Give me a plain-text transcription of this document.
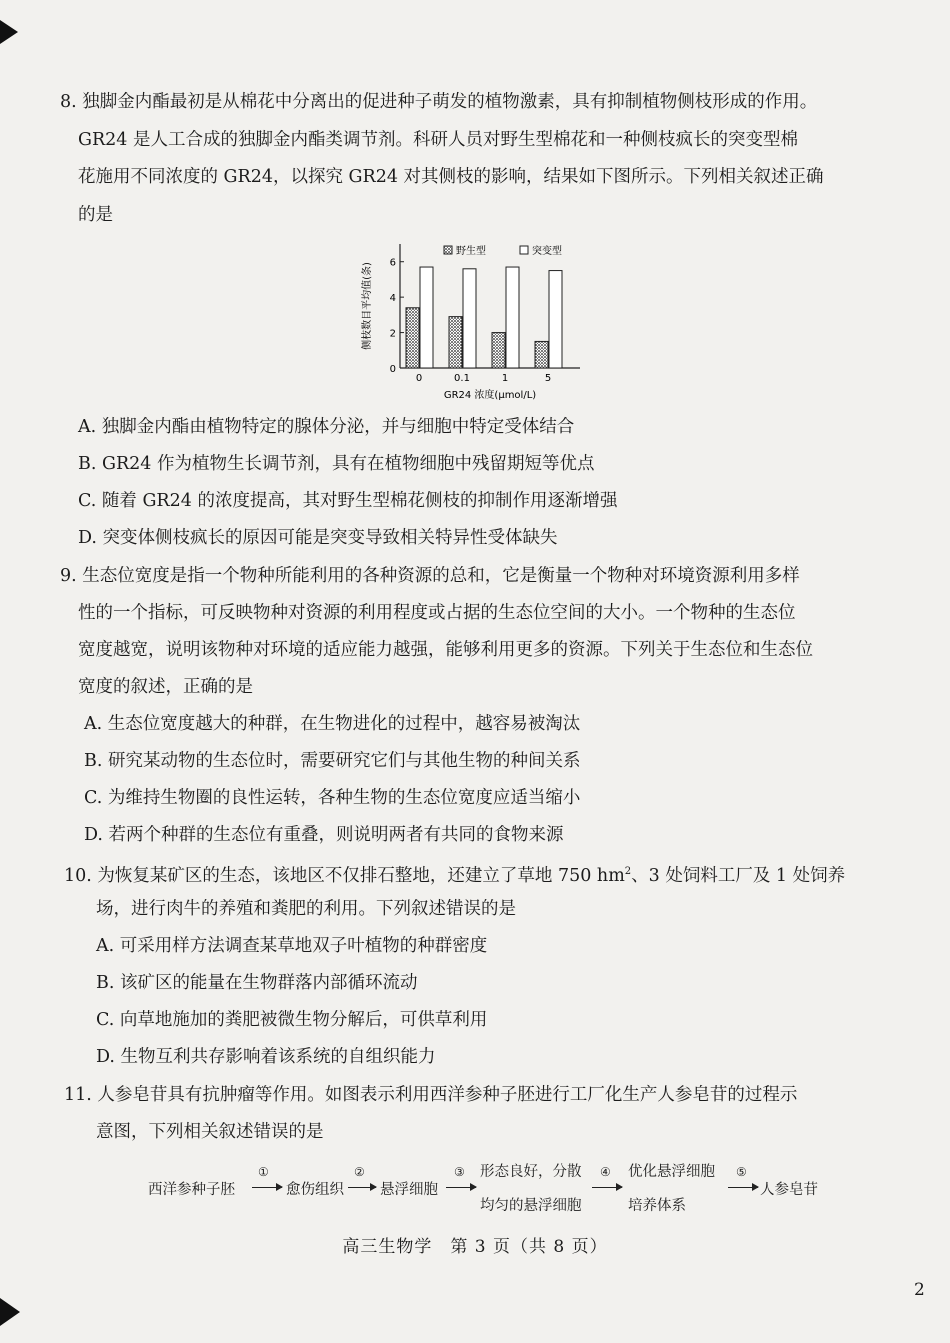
8. 独脚金内酯最初是从棉花中分离出的促进种子萌发的植物激素，具有抑制植物侧枝形成的作用。
GR24 是人工合成的独脚金内酯类调节剂。科研人员对野生型棉花和一种侧枝疯长的突变型棉
花施用不同浓度的 GR24，以探究 GR24 对其侧枝的影响，结果如下图所示。下列相关叙述正确
的是
0
2
4
6
侧枝数目平均值(条)
0	0.1	1	5
GR24 浓度(μmol/L)
野生型	突变型
A. 独脚金内酯由植物特定的腺体分泌，并与细胞中特定受体结合
B. GR24 作为植物生长调节剂，具有在植物细胞中残留期短等优点
C. 随着 GR24 的浓度提高，其对野生型棉花侧枝的抑制作用逐渐增强
D. 突变体侧枝疯长的原因可能是突变导致相关特异性受体缺失
9. 生态位宽度是指一个物种所能利用的各种资源的总和，它是衡量一个物种对环境资源利用多样
性的一个指标，可反映物种对资源的利用程度或占据的生态位空间的大小。一个物种的生态位
宽度越宽，说明该物种对环境的适应能力越强，能够利用更多的资源。下列关于生态位和生态位
宽度的叙述，正确的是
A. 生态位宽度越大的种群，在生物进化的过程中，越容易被淘汰
B. 研究某动物的生态位时，需要研究它们与其他生物的种间关系
C. 为维持生物圈的良性运转，各种生物的生态位宽度应适当缩小
D. 若两个种群的生态位有重叠，则说明两者有共同的食物来源
10. 为恢复某矿区的生态，该地区不仅排石整地，还建立了草地 750 $hm^2$、3 处饲料工厂及 1 处饲养
场，进行肉牛的养殖和粪肥的利用。下列叙述错误的是
A. 可采用样方法调查某草地双子叶植物的种群密度
B. 该矿区的能量在生物群落内部循环流动
C. 向草地施加的粪肥被微生物分解后，可供草利用
D. 生物互利共存影响着该系统的自组织能力
11. 人参皂苷具有抗肿瘤等作用。如图表示利用西洋参种子胚进行工厂化生产人参皂苷的过程示
意图，下列相关叙述错误的是
西洋参种子胚
①
愈伤组织
②
悬浮细胞
③ 形态良好，分散
均匀的悬浮细胞
④ 优化悬浮细胞
培养体系
⑤
人参皂苷
高三生物学　第 3 页（共 8 页）
2
